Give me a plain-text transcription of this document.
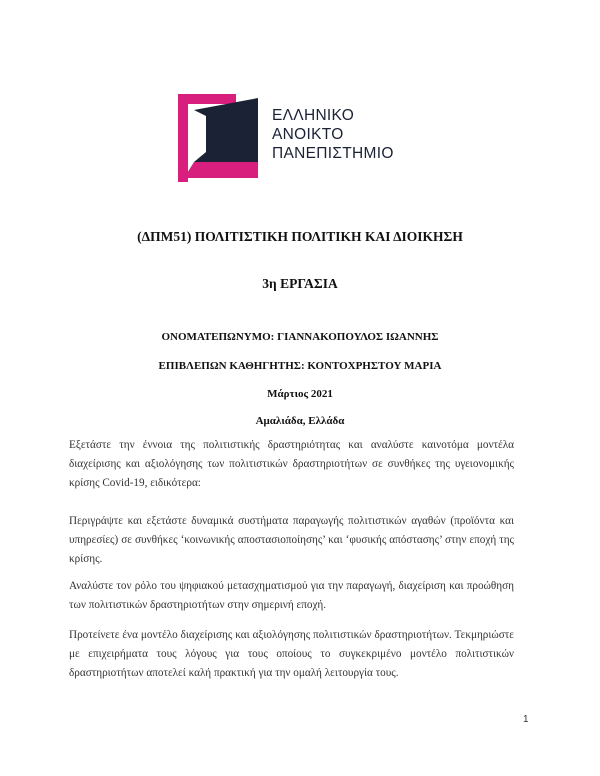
ΕΛΛΗΝΙΚΟ
ΑΝΟΙΚΤΟ
ΠΑΝΕΠΙΣΤΗΜΙΟ
(ΔΠΜ51) ΠΟΛΙΤΙΣΤΙΚΗ ΠΟΛΙΤΙΚΗ ΚΑΙ ΔΙΟΙΚΗΣΗ
3η ΕΡΓΑΣΙΑ
ΟΝΟΜΑΤΕΠΩΝΥΜΟ: ΓΙΑΝΝΑΚΟΠΟΥΛΟΣ ΙΩΑΝΝΗΣ
ΕΠΙΒΛΕΠΩΝ ΚΑΘΗΓΗΤΗΣ: ΚΟΝΤΟΧΡΗΣΤΟΥ ΜΑΡΙΑ
Μάρτιος 2021
Αμαλιάδα, Ελλάδα
Εξετάστε την έννοια της πολιτιστικής δραστηριότητας και αναλύστε καινοτόμα μοντέλα διαχείρισης και αξιολόγησης των πολιτιστικών δραστηριοτήτων σε συνθήκες της υγειονομικής κρίσης Covid-19, ειδικότερα:
Περιγράψτε και εξετάστε δυναμικά συστήματα παραγωγής πολιτιστικών αγαθών (προϊόντα και υπηρεσίες) σε συνθήκες ‘κοινωνικής αποστασιοποίησης’ και ‘φυσικής απόστασης’ στην εποχή της κρίσης.
Αναλύστε τον ρόλο του ψηφιακού μετασχηματισμού για την παραγωγή, διαχείριση και προώθηση των πολιτιστικών δραστηριοτήτων στην σημερινή εποχή.
Προτείνετε ένα μοντέλο διαχείρισης και αξιολόγησης πολιτιστικών δραστηριοτήτων. Τεκμηριώστε με επιχειρήματα τους λόγους για τους οποίους το συγκεκριμένο μοντέλο πολιτιστικών δραστηριοτήτων αποτελεί καλή πρακτική για την ομαλή λειτουργία τους.
1
